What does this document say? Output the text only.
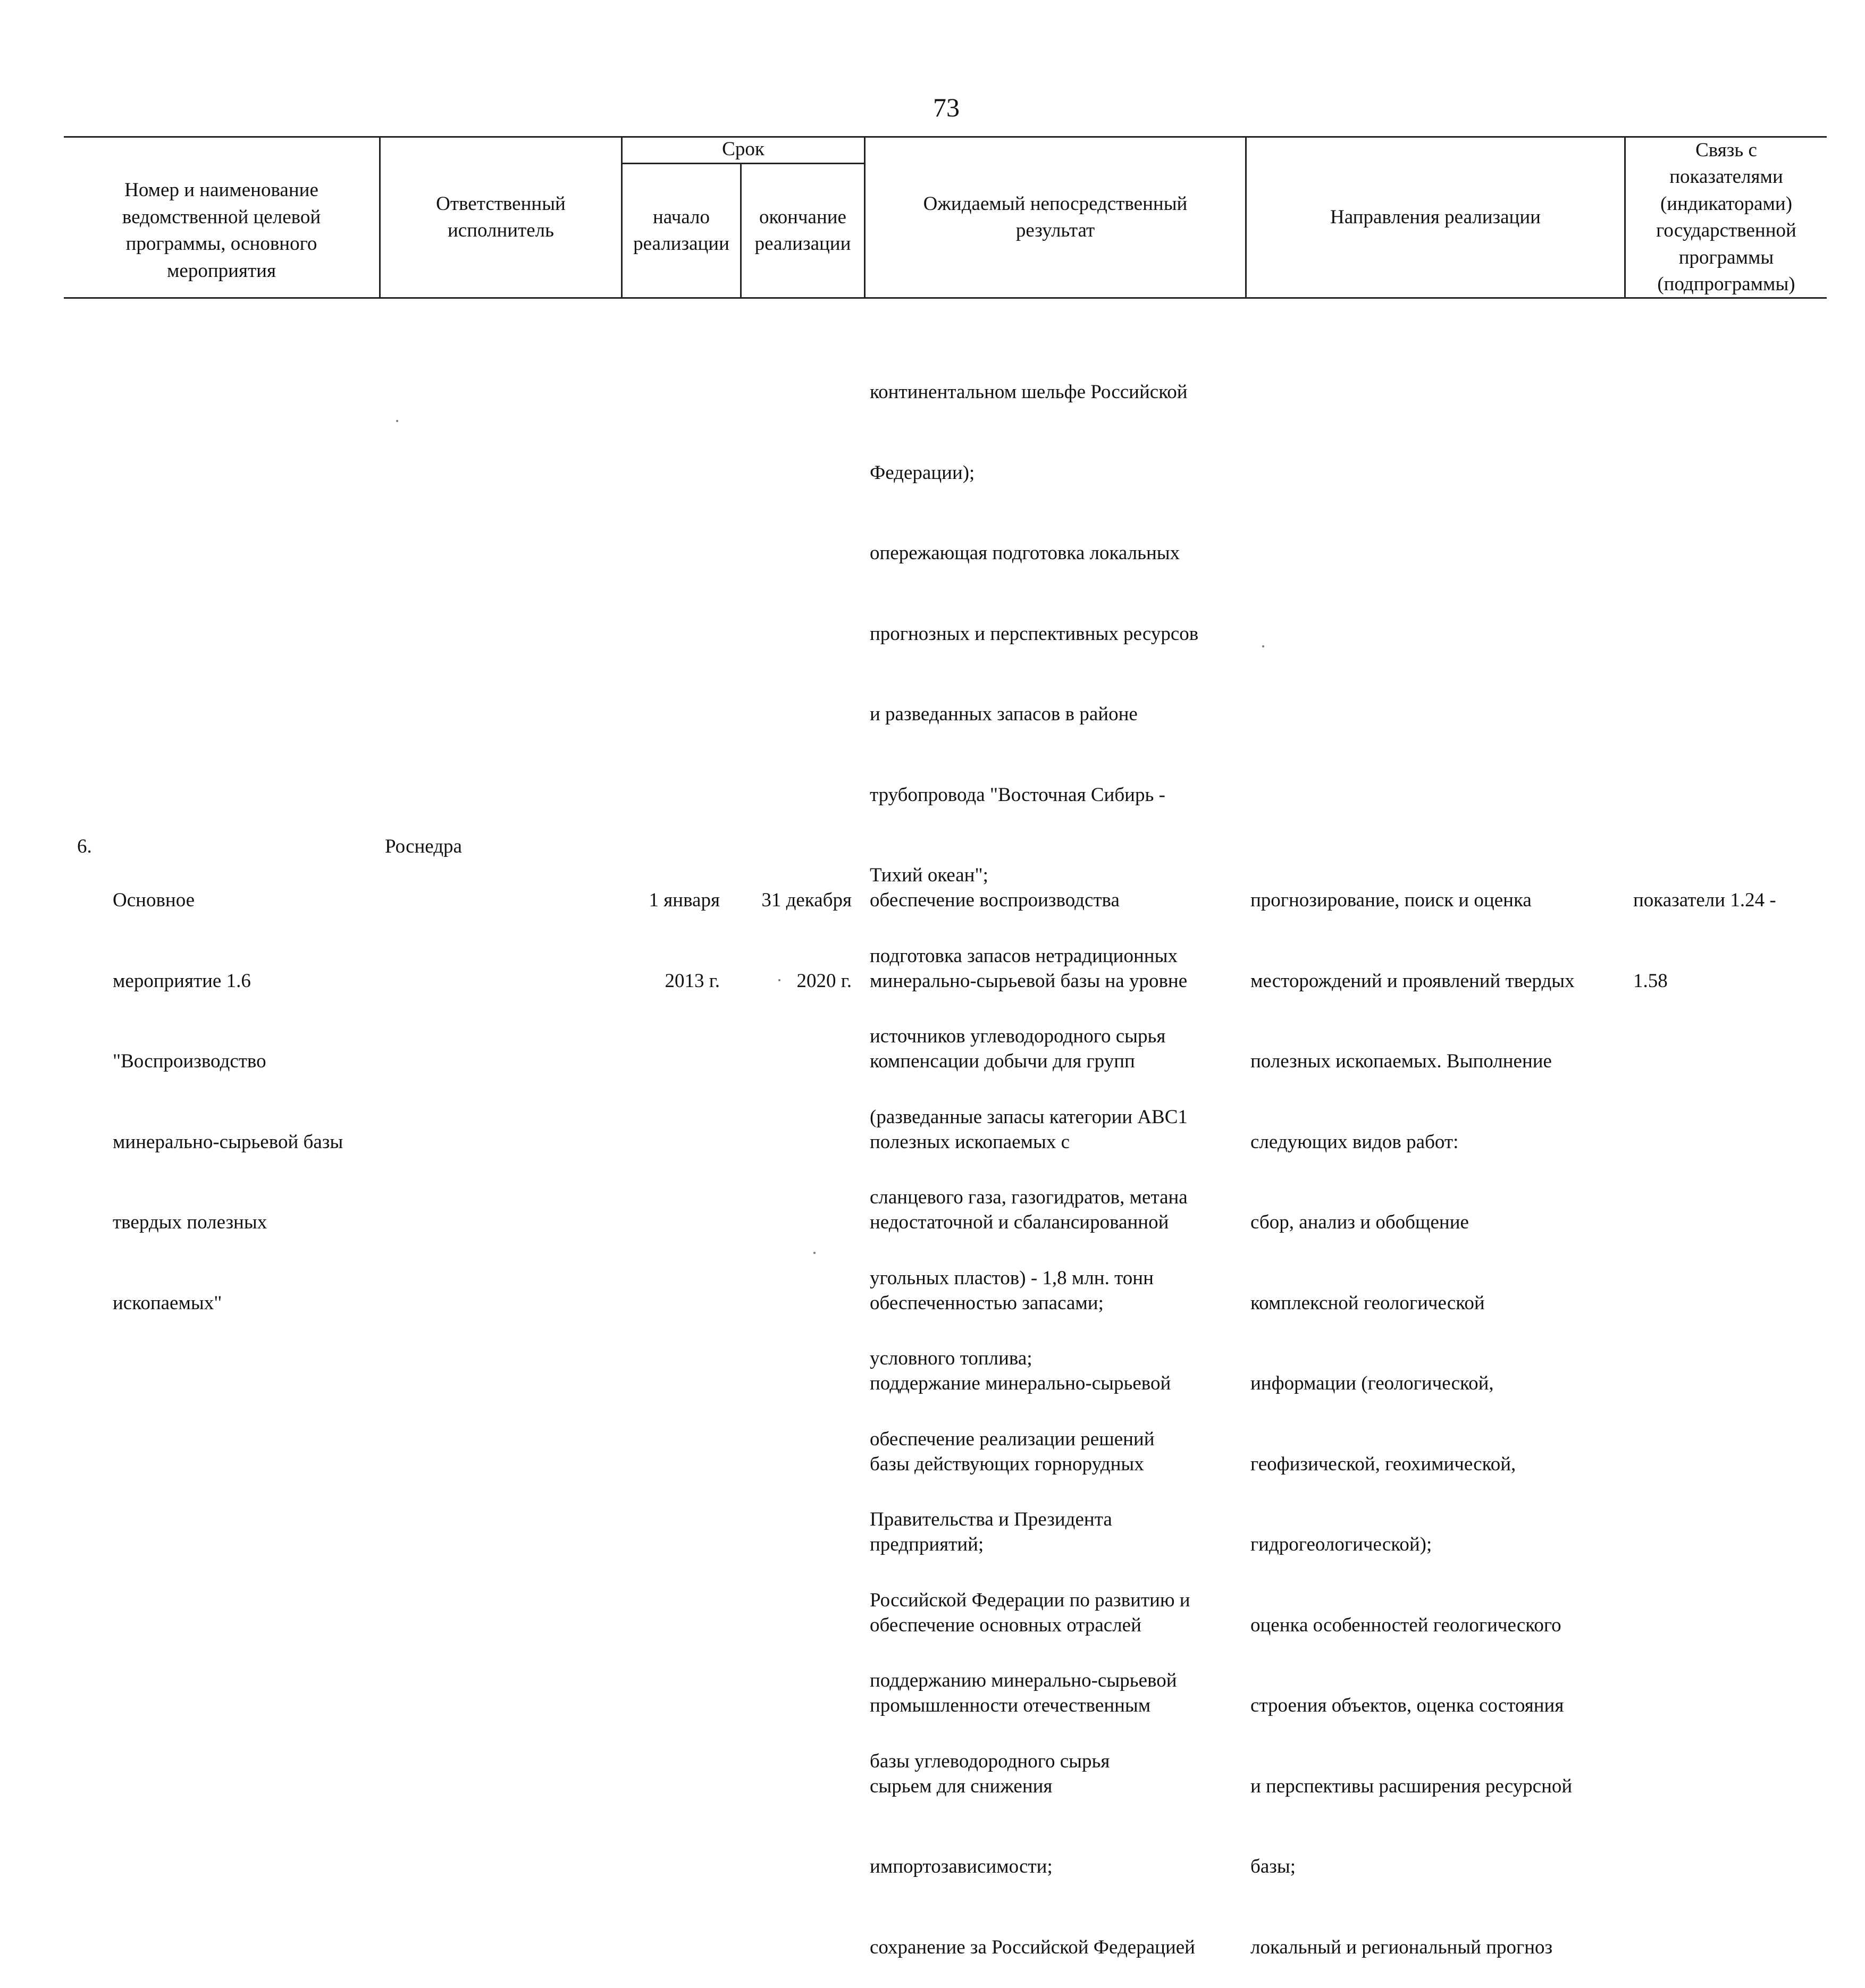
73
Номер и наименование
ведомственной целевой
программы, основного
мероприятия
Ответственный
исполнитель
Срок
начало
реализации
окончание
реализации
Ожидаемый непосредственный
результат
Направления реализации
Связь с
показателями
(индикаторами)
государственной
программы
(подпрограммы)

континентальном шельфе Российской

Федерации);

опережающая подготовка локальных

прогнозных и перспективных ресурсов

и разведанных запасов в районе

трубопровода "Восточная Сибирь -

Тихий океан";

подготовка запасов нетрадиционных

источников углеводородного сырья

(разведанные запасы категории АВС1

сланцевого газа, газогидратов, метана

угольных пластов) - 1,8 млн. тонн

условного топлива;

обеспечение реализации решений

Правительства и Президента

Российской Федерации по развитию и

поддержанию минерально-сырьевой

базы углеводородного сырья

6.

Основное

мероприятие 1.6

"Воспроизводство

минерально-сырьевой базы

твердых полезных

ископаемых"

Роснедра

1 января

2013 г.

31 декабря

2020 г.

обеспечение воспроизводства

минерально-сырьевой базы на уровне

компенсации добычи для групп

полезных ископаемых с

недостаточной и сбалансированной

обеспеченностью запасами;

поддержание минерально-сырьевой

базы действующих горнорудных

предприятий;

обеспечение основных отраслей

промышленности отечественным

сырьем для снижения

импортозависимости;

сохранение за Российской Федерацией

прогнозирование, поиск и оценка

месторождений и проявлений твердых

полезных ископаемых. Выполнение

следующих видов работ:

сбор, анализ и обобщение

комплексной геологической

информации (геологической,

геофизической, геохимической,

гидрогеологической);

оценка особенностей геологического

строения объектов, оценка состояния

и перспективы расширения ресурсной

базы;

локальный и региональный прогноз

показатели 1.24 -

1.58
